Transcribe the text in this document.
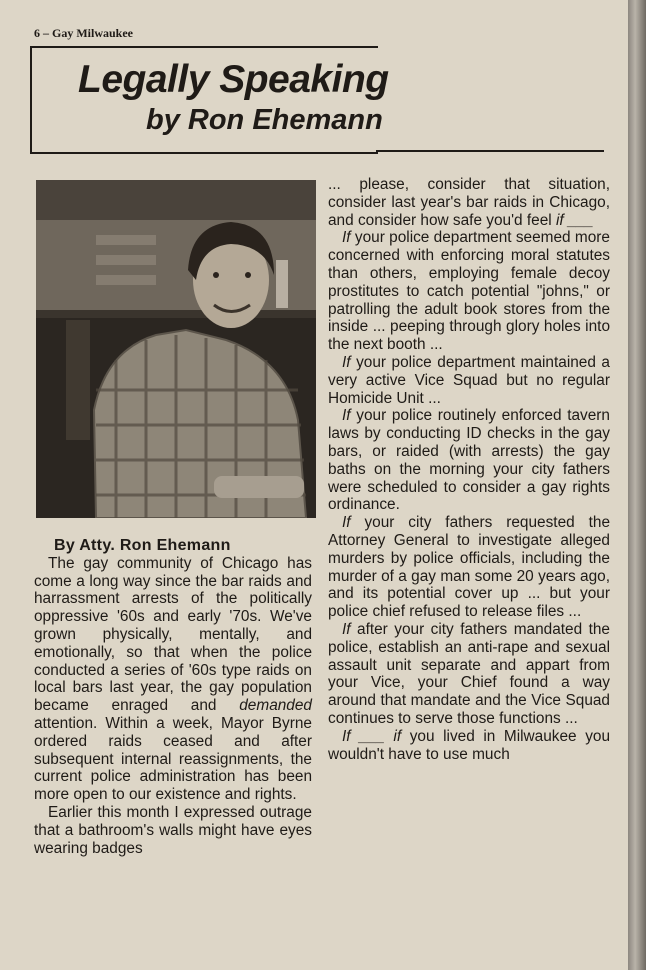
6 – Gay Milwaukee
Legally Speaking
by Ron Ehemann

By Atty. Ron Ehemann

The gay community of Chicago has come a long way since the bar raids and harrassment arrests of the politically oppressive '60s and early '70s. We've grown physically, mentally, and emotionally, so that when the police conducted a series of '60s type raids on local bars last year, the gay population became enraged and demanded attention. Within a week, Mayor Byrne ordered raids ceased and after subsequent internal reassignments, the current police administration has been more open to our existence and rights.

Earlier this month I expressed outrage that a bathroom's walls might have eyes wearing badges

... please, consider that situation, consider last year's bar raids in Chicago, and consider how safe you'd feel if ___

If your police department seemed more concerned with enforcing moral statutes than others, employing female decoy prostitutes to catch potential "johns," or patrolling the adult book stores from the inside ... peeping through glory holes into the next booth ...

If your police department maintained a very active Vice Squad but no regular Homicide Unit ...

If your police routinely enforced tavern laws by conducting ID checks in the gay bars, or raided (with arrests) the gay baths on the morning your city fathers were scheduled to consider a gay rights ordinance.

If your city fathers requested the Attorney General to investigate alleged murders by police officials, including the murder of a gay man some 20 years ago, and its potential cover up ... but your police chief refused to release files ...

If after your city fathers mandated the police, establish an anti-rape and sexual assault unit separate and appart from your Vice, your Chief found a way around that mandate and the Vice Squad continues to serve those functions ...

If ___ if you lived in Milwaukee you wouldn't have to use much
